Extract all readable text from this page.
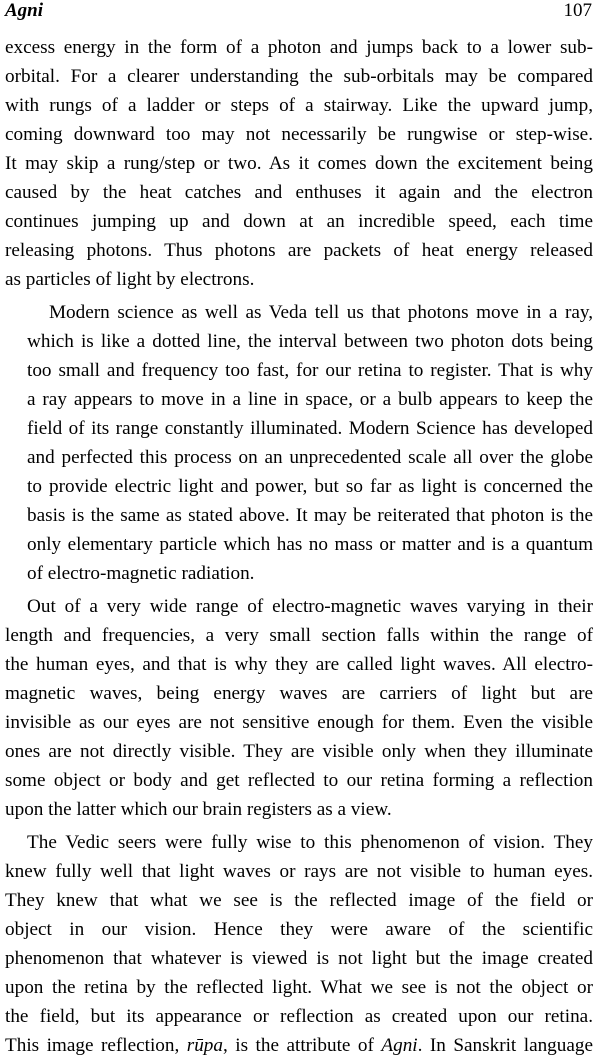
Agni	107

excess energy in the form of a photon and jumps back to a lower sub-
orbital. For a clearer understanding the sub-orbitals may be compared
with rungs of a ladder or steps of a stairway. Like the upward jump,
coming downward too may not necessarily be rungwise or step-wise.
It may skip a rung/step or two. As it comes down the excitement being
caused by the heat catches and enthuses it again and the electron
continues jumping up and down at an incredible speed, each time
releasing photons. Thus photons are packets of heat energy released
as particles of light by electrons.

Modern science as well as Veda tell us that photons move in a ray,
which is like a dotted line, the interval between two photon dots being
too small and frequency too fast, for our retina to register. That is why
a ray appears to move in a line in space, or a bulb appears to keep the
field of its range constantly illuminated. Modern Science has developed
and perfected this process on an unprecedented scale all over the globe
to provide electric light and power, but so far as light is concerned the
basis is the same as stated above. It may be reiterated that photon is the
only elementary particle which has no mass or matter and is a quantum
of electro-magnetic radiation.

Out of a very wide range of electro-magnetic waves varying in their
length and frequencies, a very small section falls within the range of
the human eyes, and that is why they are called light waves. All electro-
magnetic waves, being energy waves are carriers of light but are
invisible as our eyes are not sensitive enough for them. Even the visible
ones are not directly visible. They are visible only when they illuminate
some object or body and get reflected to our retina forming a reflection
upon the latter which our brain registers as a view.

The Vedic seers were fully wise to this phenomenon of vision. They
knew fully well that light waves or rays are not visible to human eyes.
They knew that what we see is the reflected image of the field or
object in our vision. Hence they were aware of the scientific
phenomenon that whatever is viewed is not light but the image created
upon the retina by the reflected light. What we see is not the object or
the field, but its appearance or reflection as created upon our retina.
This image reflection, rūpa, is the attribute of Agni. In Sanskrit language
